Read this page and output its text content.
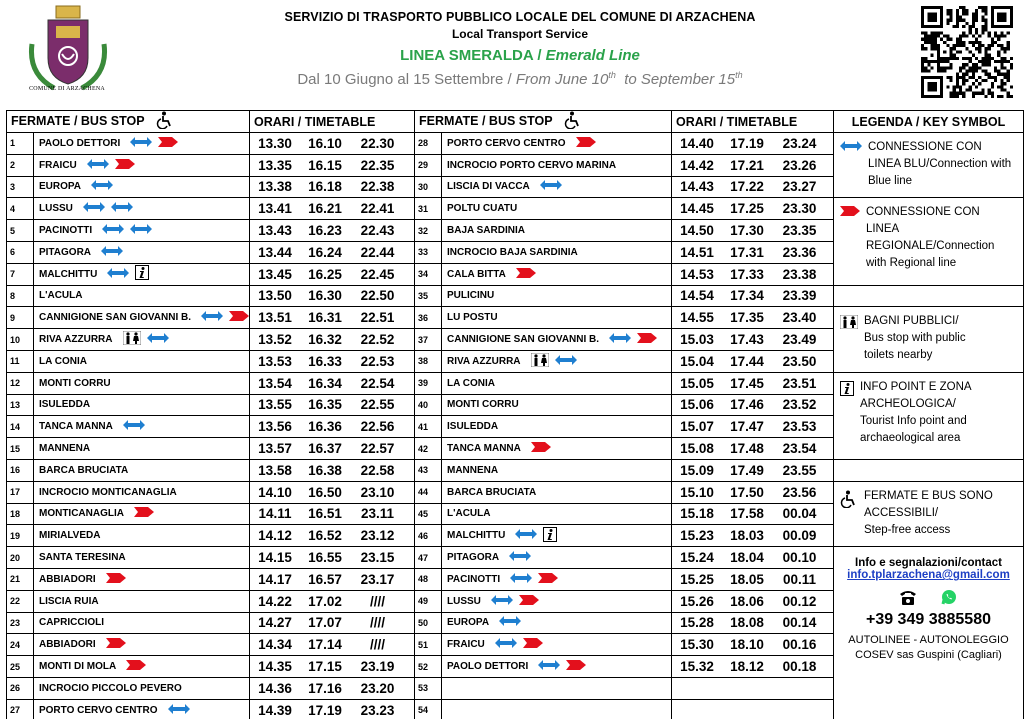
COMUNE DI ARZACHENA
SERVIZIO DI TRASPORTO PUBBLICO LOCALE DEL COMUNE DI ARZACHENA
Local Transport Service
LINEA SMERALDA / Emerald Line
Dal 10 Giugno al 15 Settembre / From June 10th  to September 15th
FERMATE / BUS STOP		ORARI / TIMETABLE	FERMATE / BUS STOP		ORARI / TIMETABLE	LEGENDA / KEY SYMBOL
1	PAOLO DETTORI	13.30 16.10 22.30	28	PORTO CERVO CENTRO	14.40 17.19 23.24	CONNESSIONE CON
LINEA BLU/Connection with
Blue line

2	FRAICU	13.35 16.15 22.35	29	INCROCIO PORTO CERVO MARINA	14.42 17.21 23.26	
3	EUROPA	13.38 16.18 22.38	30	LISCIA DI VACCA	14.43 17.22 23.27	
4	LUSSU	13.41 16.21 22.41	31	POLTU CUATU	14.45 17.25 23.30	CONNESSIONE CON
LINEA REGIONALE/Connection
with Regional line

5	PACINOTTI	13.43 16.23 22.43	32	BAJA SARDINIA	14.50 17.30 23.35	
6	PITAGORA	13.44 16.24 22.44	33	INCROCIO BAJA SARDINIA	14.51 17.31 23.36	
7	MALCHITTU	13.45 16.25 22.45	34	CALA BITTA	14.53 17.33 23.38	
8	L'ACULA	13.50 16.30 22.50	35	PULICINU	14.54 17.34 23.39	
9	CANNIGIONE SAN GIOVANNI B.	13.51 16.31 22.51	36	LU POSTU	14.55 17.35 23.40	BAGNI PUBBLICI/
Bus stop with public
toilets nearby

10	RIVA AZZURRA	13.52 16.32 22.52	37	CANNIGIONE SAN GIOVANNI B.	15.03 17.43 23.49	
11	LA CONIA	13.53 16.33 22.53	38	RIVA AZZURRA	15.04 17.44 23.50	
12	MONTI CORRU	13.54 16.34 22.54	39	LA CONIA	15.05 17.45 23.51	INFO POINT E ZONA
ARCHEOLOGICA/
Tourist Info point and
archaeological area

13	ISULEDDA	13.55 16.35 22.55	40	MONTI CORRU	15.06 17.46 23.52	
14	TANCA MANNA	13.56 16.36 22.56	41	ISULEDDA	15.07 17.47 23.53	
15	MANNENA	13.57 16.37 22.57	42	TANCA MANNA	15.08 17.48 23.54	
16	BARCA BRUCIATA	13.58 16.38 22.58	43	MANNENA	15.09 17.49 23.55	
17	INCROCIO MONTICANAGLIA	14.10 16.50 23.10	44	BARCA BRUCIATA	15.10 17.50 23.56	FERMATE E BUS SONO
ACCESSIBILI/
Step-free access

18	MONTICANAGLIA	14.11 16.51 23.11	45	L'ACULA	15.18 17.58 00.04	
19	MIRIALVEDA	14.12 16.52 23.12	46	MALCHITTU	15.23 18.03 00.09	
20	SANTA TERESINA	14.15 16.55 23.15	47	PITAGORA	15.24 18.04 00.10	Info e segnalazioni/contact
info.tplarzachena@gmail.com
+39 349 3885580
AUTOLINEE - AUTONOLEGGIO
COSEV sas Guspini (Cagliari)

21	ABBIADORI	14.17 16.57 23.17	48	PACINOTTI	15.25 18.05 00.11	
22	LISCIA RUIA	14.22 17.02 ////	49	LUSSU	15.26 18.06 00.12	
23	CAPRICCIOLI	14.27 17.07 ////	50	EUROPA	15.28 18.08 00.14	
24	ABBIADORI	14.34 17.14 ////	51	FRAICU	15.30 18.10 00.16	
25	MONTI DI MOLA	14.35 17.15 23.19	52	PAOLO DETTORI	15.32 18.12 00.18	
26	INCROCIO PICCOLO PEVERO	14.36 17.16 23.20	53			
27	PORTO CERVO CENTRO	14.39 17.19 23.23	54			
